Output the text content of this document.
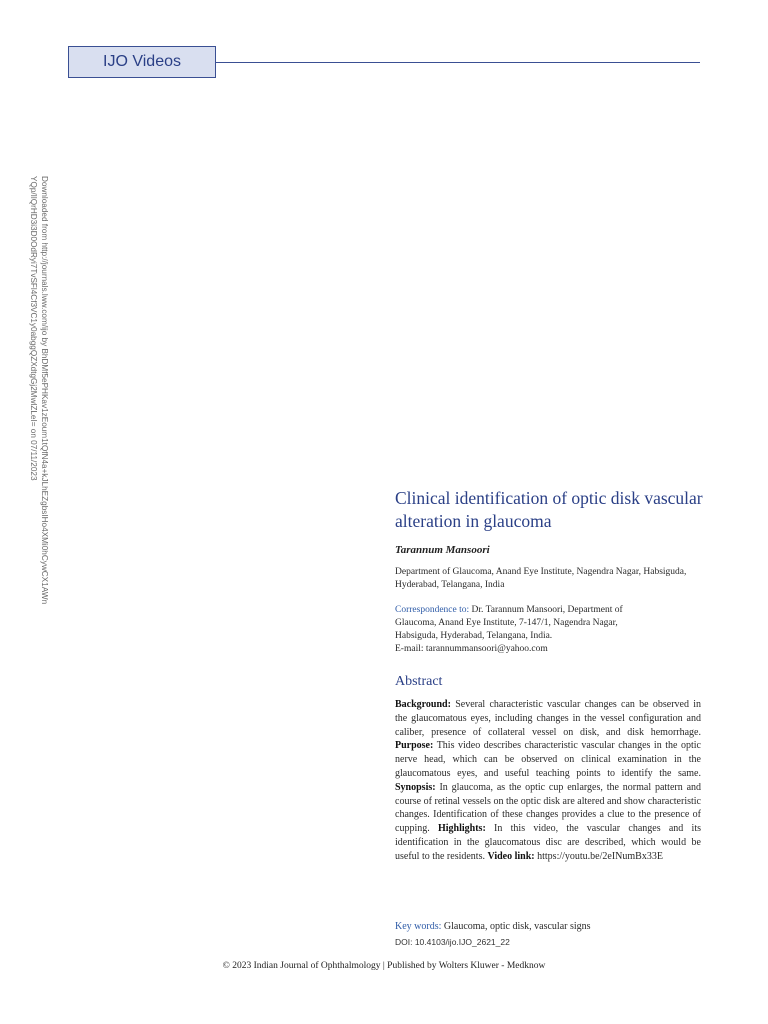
IJO Videos
Downloaded from http://journals.lww.com/ijo by BhDMf5ePHKav1zEoum1tQfN4a+kJLhEZgbsIHo4XMi0hCywCX1AWn
YQp/IlQrHD3i3D0OdRyi7TvSFl4Cf3VC1y0abggQZXdtgGj2MwlZLeI= on 07/11/2023
Clinical identification of optic disk vascular alteration in glaucoma
Tarannum Mansoori
Department of Glaucoma, Anand Eye Institute, Nagendra Nagar, Habsiguda, Hyderabad, Telangana, India
Correspondence to: Dr. Tarannum Mansoori, Department of Glaucoma, Anand Eye Institute, 7-147/1, Nagendra Nagar, Habsiguda, Hyderabad, Telangana, India.
E-mail: tarannummansoori@yahoo.com
Abstract
Background: Several characteristic vascular changes can be observed in the glaucomatous eyes, including changes in the vessel configuration and caliber, presence of collateral vessel on disk, and disk hemorrhage. Purpose: This video describes characteristic vascular changes in the optic nerve head, which can be observed on clinical examination in the glaucomatous eyes, and useful teaching points to identify the same. Synopsis: In glaucoma, as the optic cup enlarges, the normal pattern and course of retinal vessels on the optic disk are altered and show characteristic changes. Identification of these changes provides a clue to the presence of cupping. Highlights: In this video, the vascular changes and its identification in the glaucomatous disc are described, which would be useful to the residents. Video link: https://youtu.be/2eINumBx33E
Key words: Glaucoma, optic disk, vascular signs
DOI: 10.4103/ijo.IJO_2621_22
© 2023 Indian Journal of Ophthalmology | Published by Wolters Kluwer - Medknow
